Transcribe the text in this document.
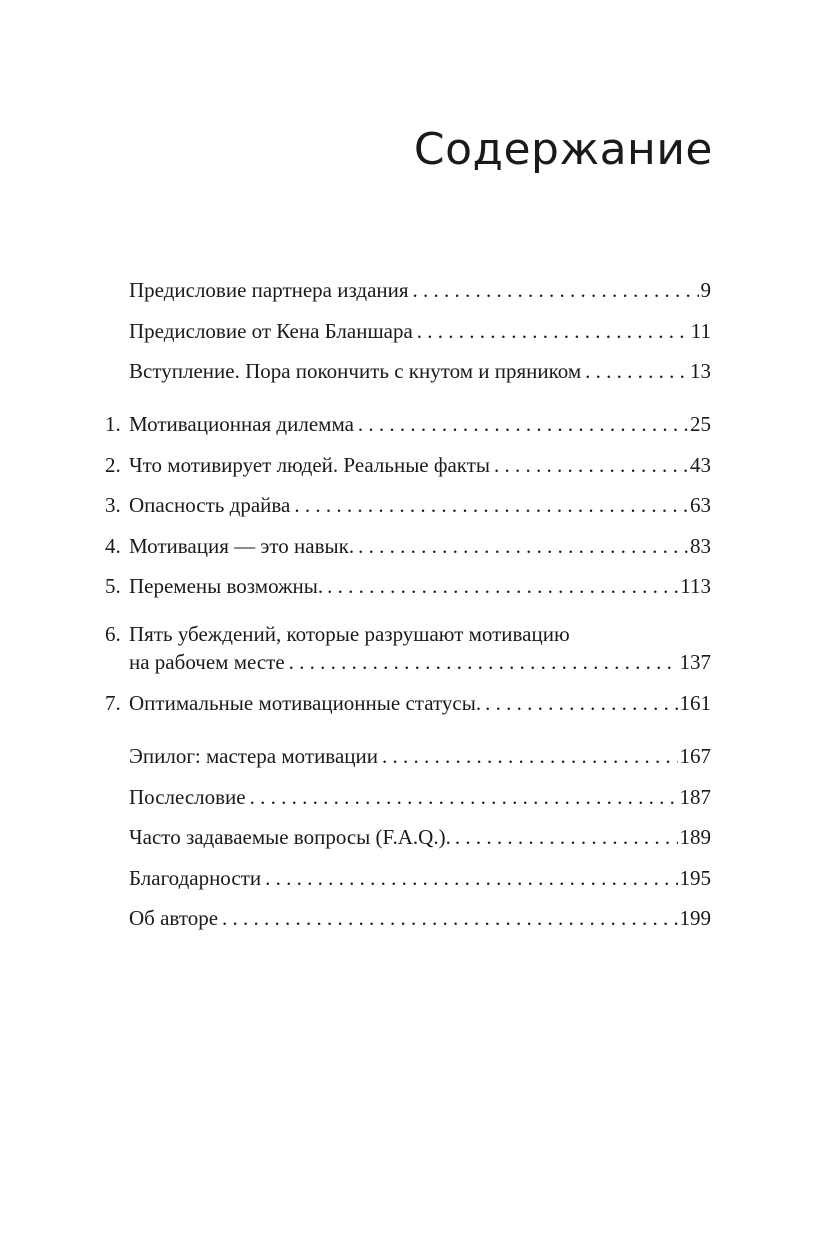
Содержание
Предисловие партнера издания . . .	9
Предисловие от Кена Бланшара . . .	11
Вступление. Пора покончить с кнутом и пряником . . .	13
1. Мотивационная дилемма . . .	25
2. Что мотивирует людей. Реальные факты . . .	43
3. Опасность драйва . . .	63
4. Мотивация — это навык. . . .	83
5. Перемены возможны. . . .	113
6. Пять убеждений, которые разрушают мотивацию
на рабочем месте . . .	137
7. Оптимальные мотивационные статусы. . . .	161
Эпилог: мастера мотивации . . .	167
Послесловие . . .	187
Часто задаваемые вопросы (F.A.Q.). . . .	189
Благодарности . . .	195
Об авторе . . .	199
